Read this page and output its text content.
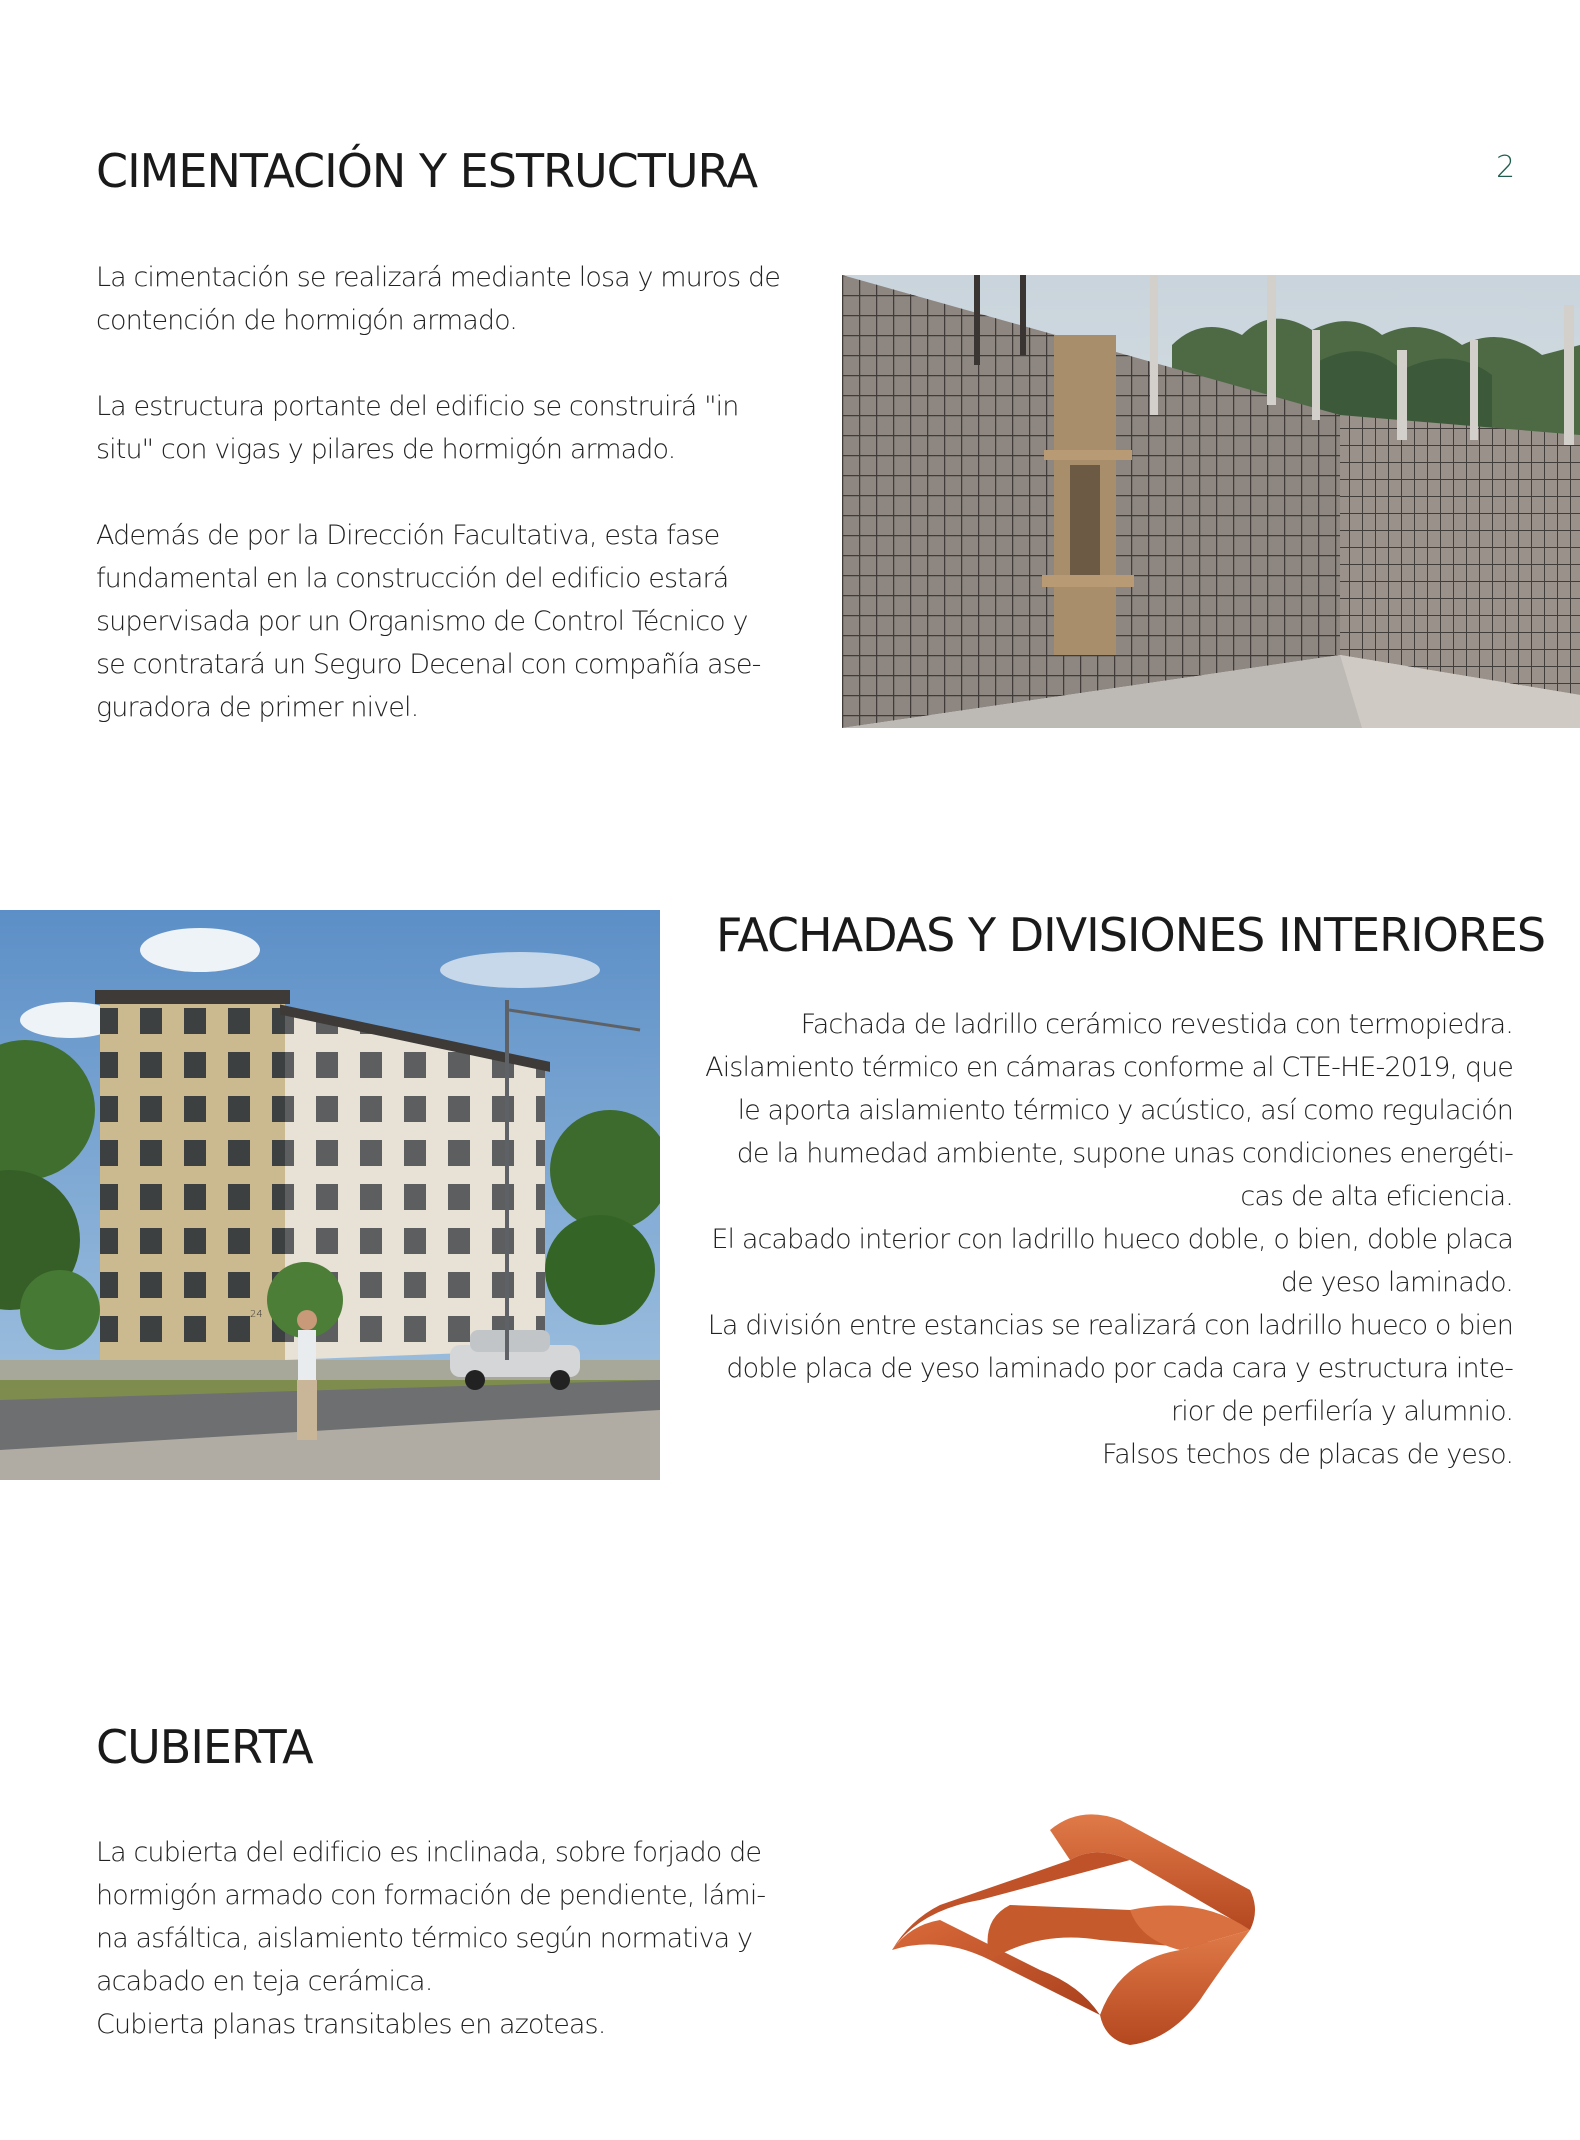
2
CIMENTACIÓN Y ESTRUCTURA
La cimentación se realizará mediante losa y muros de
contención de hormigón armado.
La estructura portante del edificio se construirá "in
situ" con vigas y pilares de hormigón armado.
Además de por la Dirección Facultativa, esta fase
fundamental en la construcción del edificio estará
supervisada por un Organismo de Control Técnico y
se contratará un Seguro Decenal con compañía ase-
guradora de primer nivel.
24
FACHADAS Y DIVISIONES INTERIORES
Fachada de ladrillo cerámico revestida con termopiedra.
Aislamiento térmico en cámaras conforme al CTE-HE-2019, que
le aporta aislamiento térmico y acústico, así como regulación
de la humedad ambiente, supone unas condiciones energéti-
cas de alta eficiencia.
El acabado interior con ladrillo hueco doble, o bien, doble placa
de yeso laminado.
La división entre estancias se realizará con ladrillo hueco o bien
doble placa de yeso laminado por cada cara y estructura inte-
rior de perfilería y alumnio.
Falsos techos de placas de yeso.
CUBIERTA
La cubierta del edificio es inclinada, sobre forjado de
hormigón armado con formación de pendiente, lámi-
na asfáltica, aislamiento térmico según normativa y
acabado en teja cerámica.
Cubierta planas transitables en azoteas.
